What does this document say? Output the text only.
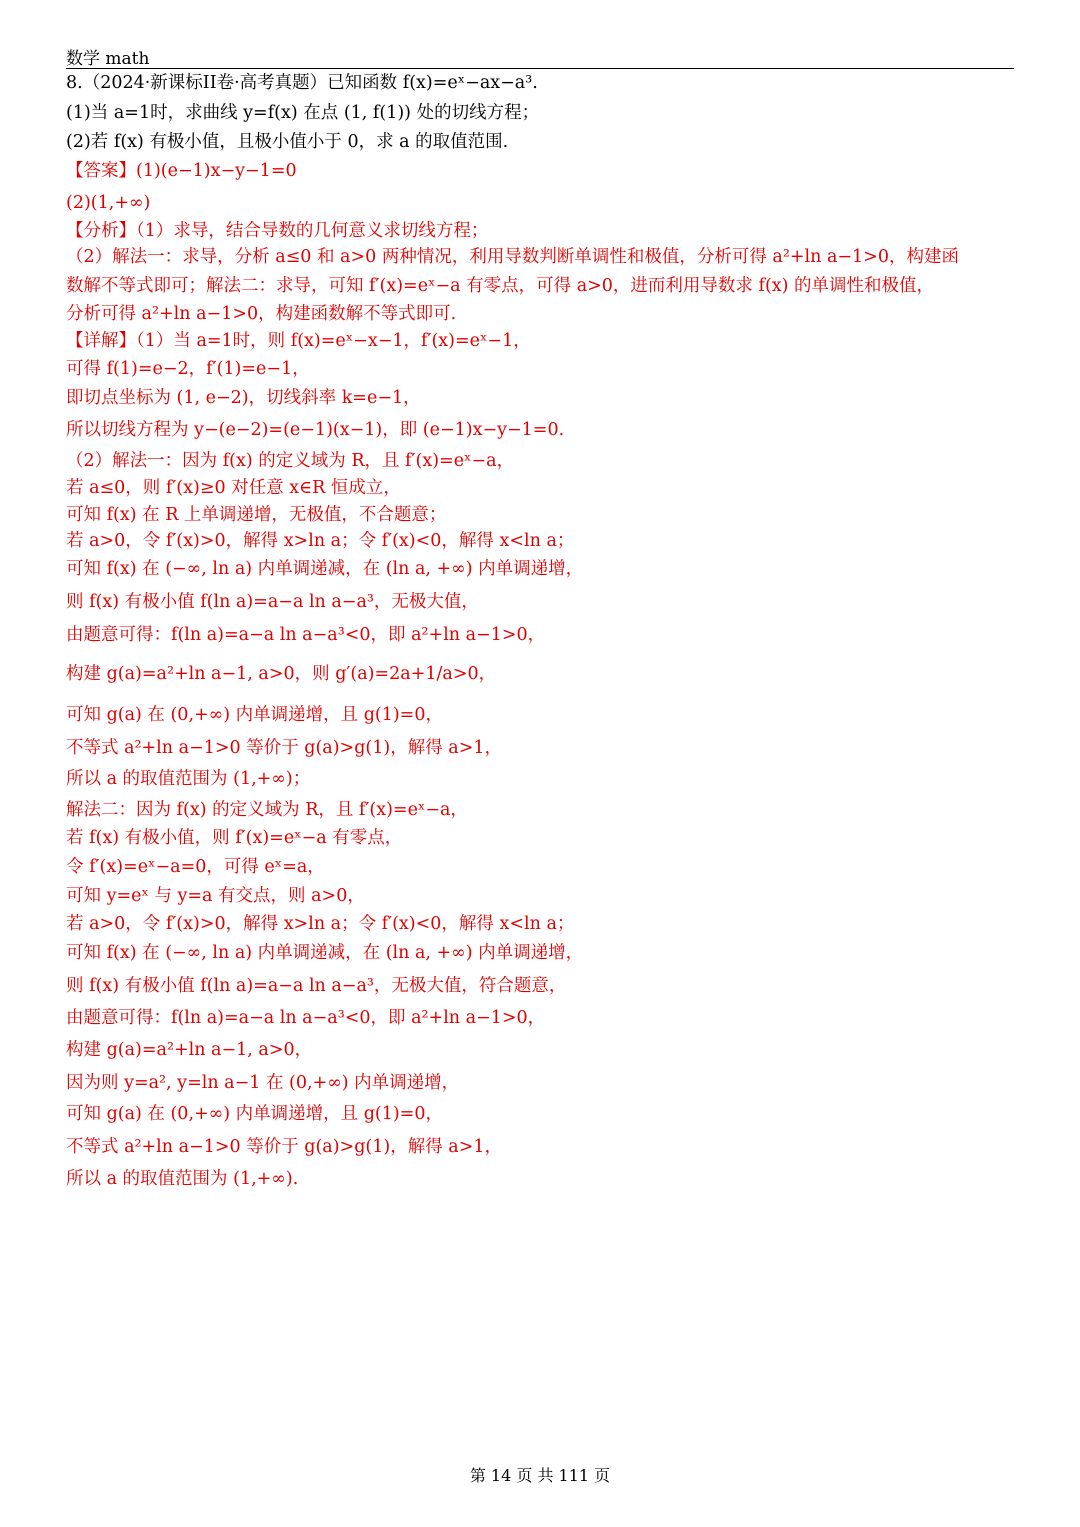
数学 math
8.（2024·新课标II卷·高考真题）已知函数 f(x)=eˣ−ax−a³.
(1)当 a=1时，求曲线 y=f(x) 在点 (1, f(1)) 处的切线方程；
(2)若 f(x) 有极小值，且极小值小于 0，求 a 的取值范围.
【答案】(1)(e−1)x−y−1=0
(2)(1,+∞)
【分析】（1）求导，结合导数的几何意义求切线方程；
（2）解法一：求导，分析 a≤0 和 a>0 两种情况，利用导数判断单调性和极值，分析可得 a²+ln a−1>0，构建函
数解不等式即可；解法二：求导，可知 f′(x)=eˣ−a 有零点，可得 a>0，进而利用导数求 f(x) 的单调性和极值，
分析可得 a²+ln a−1>0，构建函数解不等式即可.
【详解】（1）当 a=1时，则 f(x)=eˣ−x−1，f′(x)=eˣ−1，
可得 f(1)=e−2，f′(1)=e−1，
即切点坐标为 (1, e−2)，切线斜率 k=e−1，
所以切线方程为 y−(e−2)=(e−1)(x−1)，即 (e−1)x−y−1=0.
（2）解法一：因为 f(x) 的定义域为 R，且 f′(x)=eˣ−a，
若 a≤0，则 f′(x)≥0 对任意 x∈R 恒成立，
可知 f(x) 在 R 上单调递增，无极值，不合题意；
若 a>0，令 f′(x)>0，解得 x>ln a；令 f′(x)<0，解得 x<ln a；
可知 f(x) 在 (−∞, ln a) 内单调递减，在 (ln a, +∞) 内单调递增，
则 f(x) 有极小值 f(ln a)=a−a ln a−a³，无极大值，
由题意可得：f(ln a)=a−a ln a−a³<0，即 a²+ln a−1>0，
构建 g(a)=a²+ln a−1, a>0，则 g′(a)=2a+1/a>0，
可知 g(a) 在 (0,+∞) 内单调递增，且 g(1)=0，
不等式 a²+ln a−1>0 等价于 g(a)>g(1)，解得 a>1，
所以 a 的取值范围为 (1,+∞)；
解法二：因为 f(x) 的定义域为 R，且 f′(x)=eˣ−a，
若 f(x) 有极小值，则 f′(x)=eˣ−a 有零点，
令 f′(x)=eˣ−a=0，可得 eˣ=a，
可知 y=eˣ 与 y=a 有交点，则 a>0，
若 a>0，令 f′(x)>0，解得 x>ln a；令 f′(x)<0，解得 x<ln a；
可知 f(x) 在 (−∞, ln a) 内单调递减，在 (ln a, +∞) 内单调递增，
则 f(x) 有极小值 f(ln a)=a−a ln a−a³，无极大值，符合题意，
由题意可得：f(ln a)=a−a ln a−a³<0，即 a²+ln a−1>0，
构建 g(a)=a²+ln a−1, a>0，
因为则 y=a², y=ln a−1 在 (0,+∞) 内单调递增，
可知 g(a) 在 (0,+∞) 内单调递增，且 g(1)=0，
不等式 a²+ln a−1>0 等价于 g(a)>g(1)，解得 a>1，
所以 a 的取值范围为 (1,+∞).
第 14 页 共 111 页
